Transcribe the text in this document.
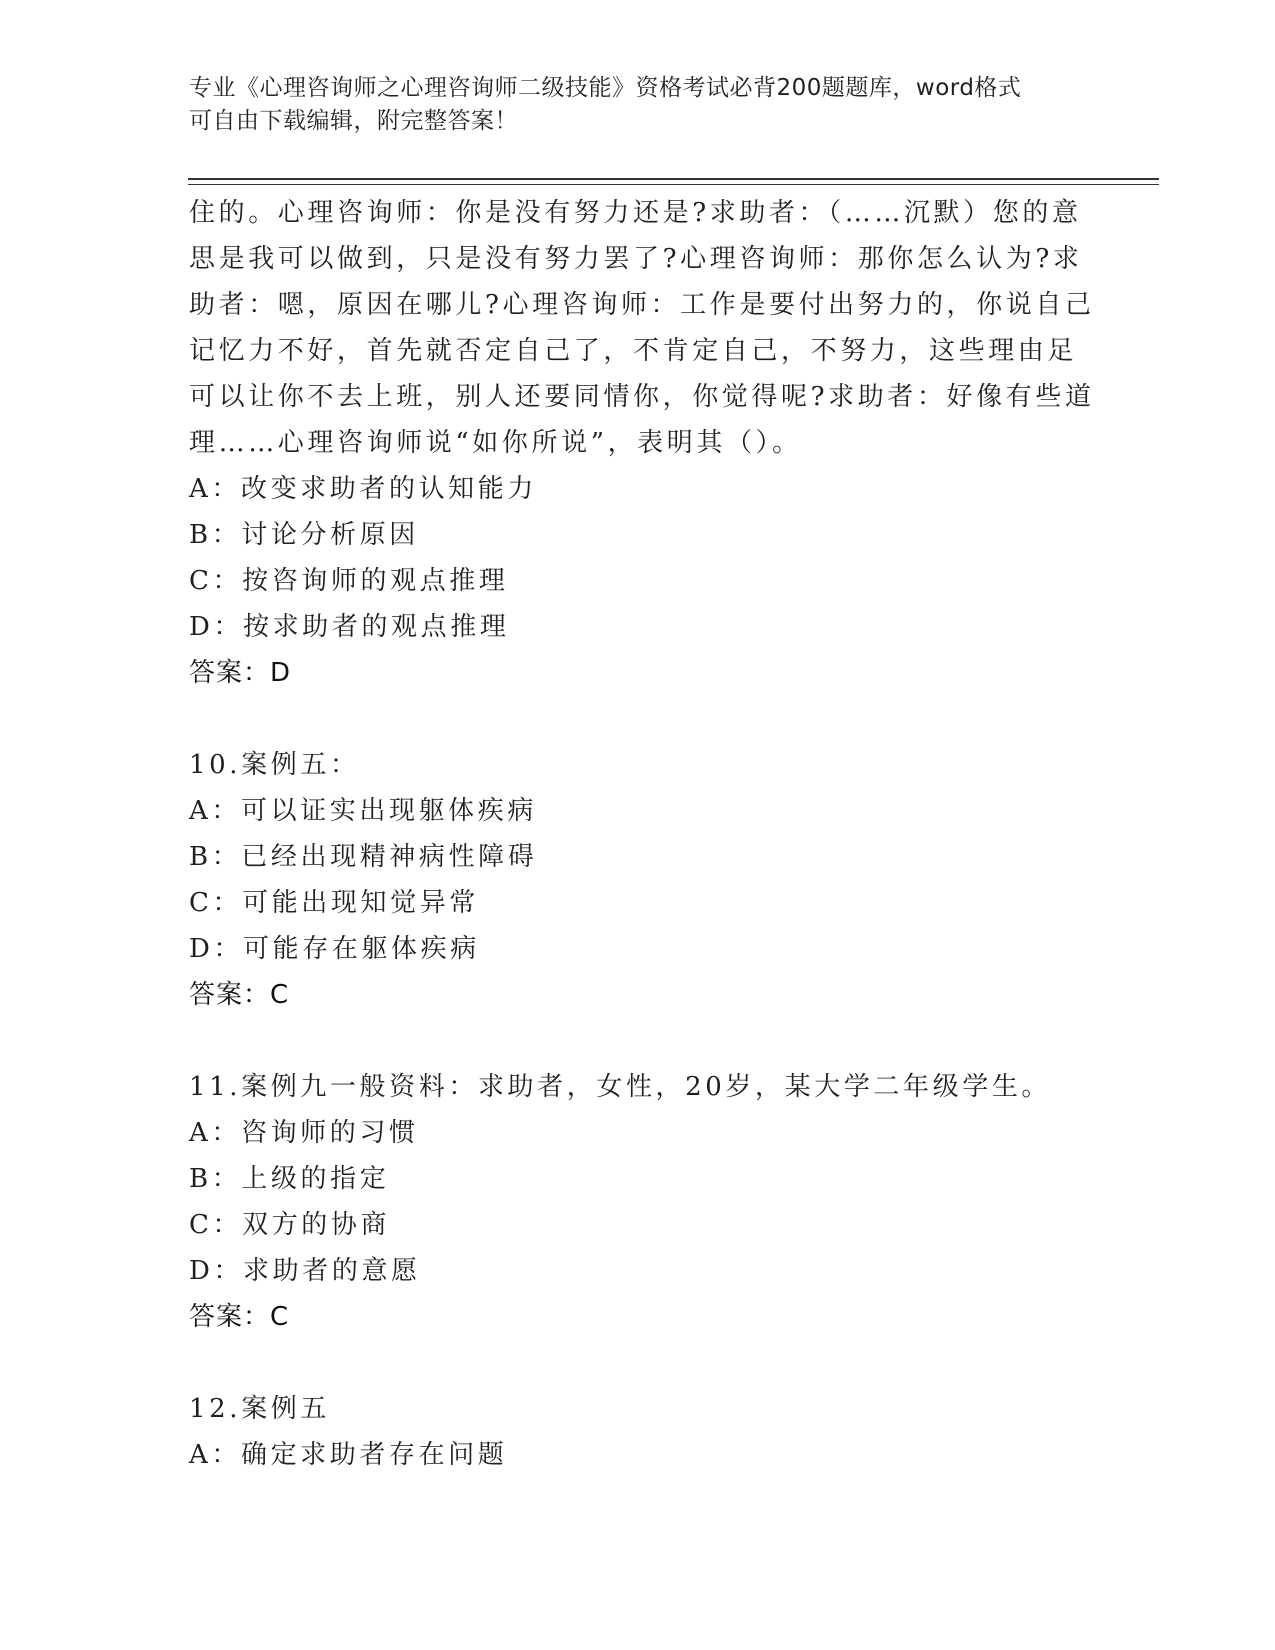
专业《心理咨询师之心理咨询师二级技能》资格考试必背200题题库，word格式
可自由下载编辑，附完整答案！
住的。心理咨询师：你是没有努力还是?求助者：（……沉默）您的意
思是我可以做到，只是没有努力罢了?心理咨询师：那你怎么认为?求
助者：嗯，原因在哪儿?心理咨询师：工作是要付出努力的，你说自己
记忆力不好，首先就否定自己了，不肯定自己，不努力，这些理由足
可以让你不去上班，别人还要同情你，你觉得呢?求助者：好像有些道
理……心理咨询师说“如你所说”，表明其（）。
A：改变求助者的认知能力
B：讨论分析原因
C：按咨询师的观点推理
D：按求助者的观点推理
答案：D
10.案例五：
A：可以证实出现躯体疾病
B：已经出现精神病性障碍
C：可能出现知觉异常
D：可能存在躯体疾病
答案：C
11.案例九一般资料：求助者，女性，20岁，某大学二年级学生。
A：咨询师的习惯
B：上级的指定
C：双方的协商
D：求助者的意愿
答案：C
12.案例五
A：确定求助者存在问题
